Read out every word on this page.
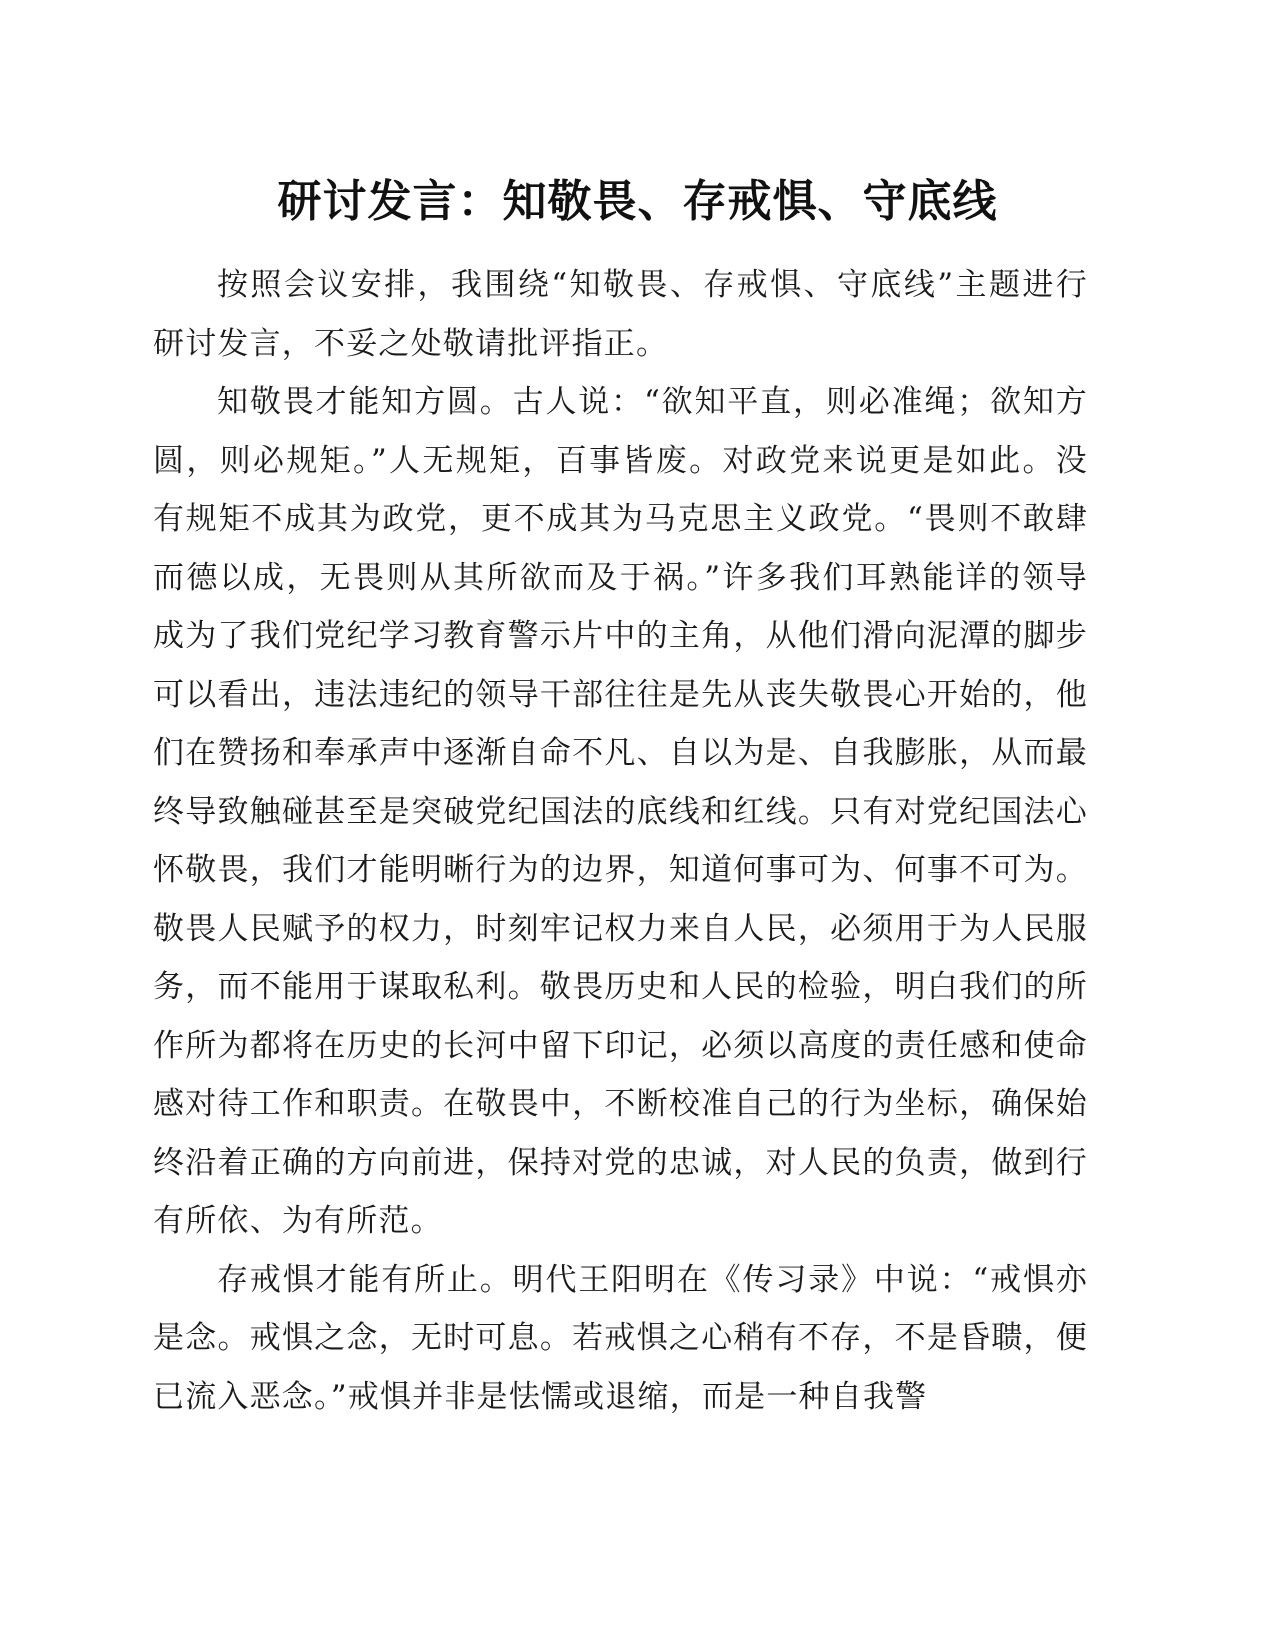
研讨发言：知敬畏、存戒惧、守底线

按照会议安排，我围绕“知敬畏、存戒惧、守底线”主题进行研讨发言，不妥之处敬请批评指正。

知敬畏才能知方圆。古人说：“欲知平直，则必准绳；欲知方圆，则必规矩。”人无规矩，百事皆废。对政党来说更是如此。没有规矩不成其为政党，更不成其为马克思主义政党。“畏则不敢肆而德以成，无畏则从其所欲而及于祸。”许多我们耳熟能详的领导成为了我们党纪学习教育警示片中的主角，从他们滑向泥潭的脚步可以看出，违法违纪的领导干部往往是先从丧失敬畏心开始的，他们在赞扬和奉承声中逐渐自命不凡、自以为是、自我膨胀，从而最终导致触碰甚至是突破党纪国法的底线和红线。只有对党纪国法心怀敬畏，我们才能明晰行为的边界，知道何事可为、何事不可为。敬畏人民赋予的权力，时刻牢记权力来自人民，必须用于为人民服务，而不能用于谋取私利。敬畏历史和人民的检验，明白我们的所作所为都将在历史的长河中留下印记，必须以高度的责任感和使命感对待工作和职责。在敬畏中，不断校准自己的行为坐标，确保始终沿着正确的方向前进，保持对党的忠诚，对人民的负责，做到行有所依、为有所范。

存戒惧才能有所止。明代王阳明在《传习录》中说：“戒惧亦是念。戒惧之念，无时可息。若戒惧之心稍有不存，不是昏聩，便已流入恶念。”戒惧并非是怯懦或退缩，而是一种自我警
